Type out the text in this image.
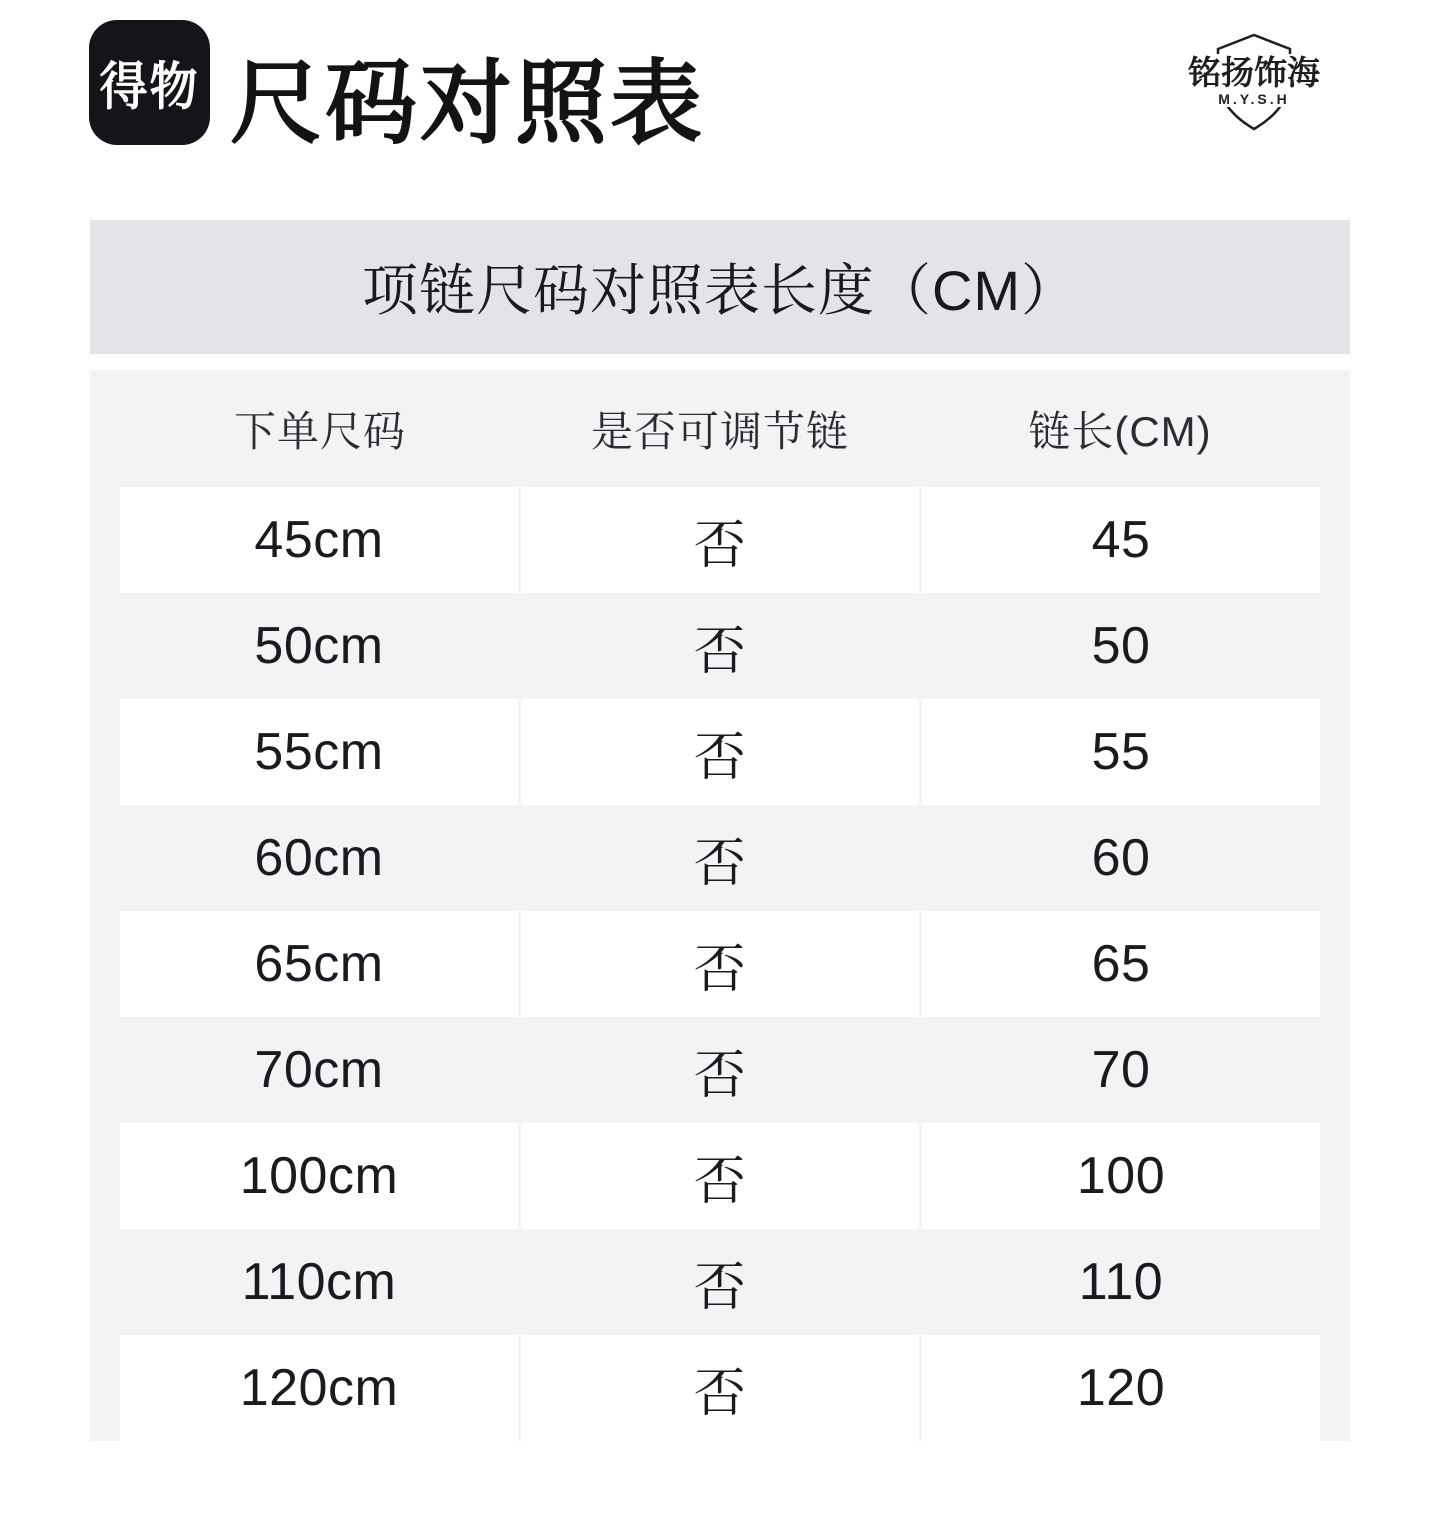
得物 尺码对照表	铭扬饰海
M.Y.S.H
项链尺码对照表长度（CM）
下单尺码	是否可调节链	链长(CM)
45cm	否	45
50cm	否	50
55cm	否	55
60cm	否	60
65cm	否	65
70cm	否	70
100cm	否	100
110cm	否	110
120cm	否	120
